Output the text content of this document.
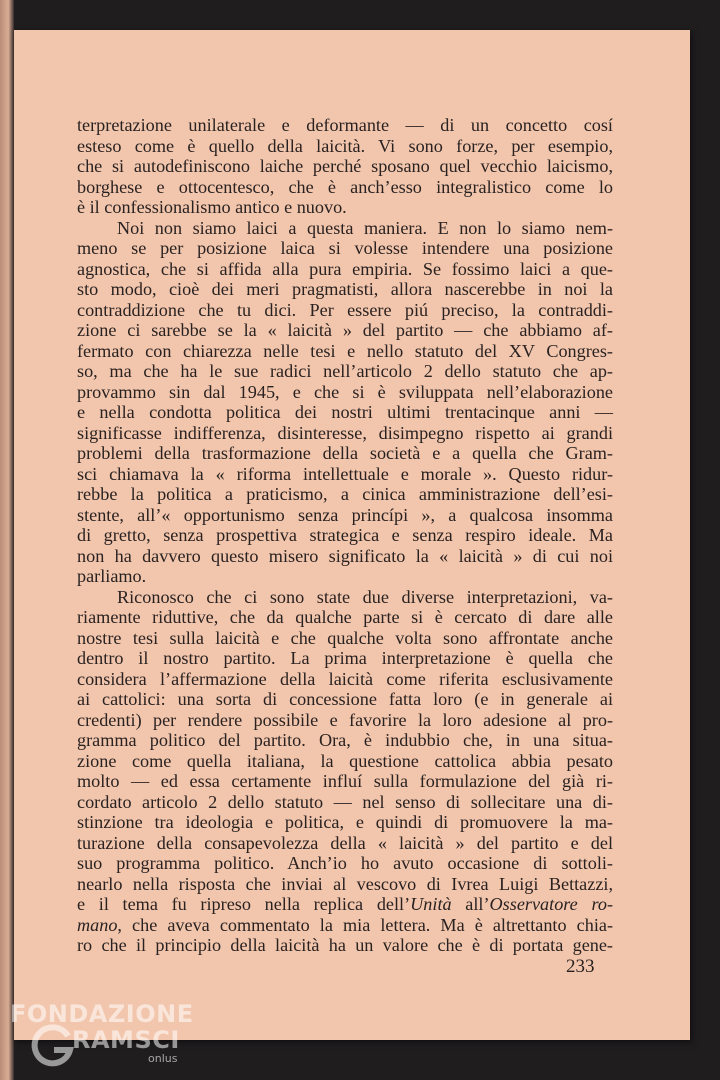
terpretazione unilaterale e deformante — di un concetto cosí
esteso come è quello della laicità. Vi sono forze, per esempio,
che si autodefiniscono laiche perché sposano quel vecchio laicismo,
borghese e ottocentesco, che è anch’esso integralistico come lo
è il confessionalismo antico e nuovo.
Noi non siamo laici a questa maniera. E non lo siamo nem-
meno se per posizione laica si volesse intendere una posizione
agnostica, che si affida alla pura empiria. Se fossimo laici a que-
sto modo, cioè dei meri pragmatisti, allora nascerebbe in noi la
contraddizione che tu dici. Per essere piú preciso, la contraddi-
zione ci sarebbe se la « laicità » del partito — che abbiamo af-
fermato con chiarezza nelle tesi e nello statuto del XV Congres-
so, ma che ha le sue radici nell’articolo 2 dello statuto che ap-
provammo sin dal 1945, e che si è sviluppata nell’elaborazione
e nella condotta politica dei nostri ultimi trentacinque anni —
significasse indifferenza, disinteresse, disimpegno rispetto ai grandi
problemi della trasformazione della società e a quella che Gram-
sci chiamava la « riforma intellettuale e morale ». Questo ridur-
rebbe la politica a praticismo, a cinica amministrazione dell’esi-
stente, all’« opportunismo senza princípi », a qualcosa insomma
di gretto, senza prospettiva strategica e senza respiro ideale. Ma
non ha davvero questo misero significato la « laicità » di cui noi
parliamo.
Riconosco che ci sono state due diverse interpretazioni, va-
riamente riduttive, che da qualche parte si è cercato di dare alle
nostre tesi sulla laicità e che qualche volta sono affrontate anche
dentro il nostro partito. La prima interpretazione è quella che
considera l’affermazione della laicità come riferita esclusivamente
ai cattolici: una sorta di concessione fatta loro (e in generale ai
credenti) per rendere possibile e favorire la loro adesione al pro-
gramma politico del partito. Ora, è indubbio che, in una situa-
zione come quella italiana, la questione cattolica abbia pesato
molto — ed essa certamente influí sulla formulazione del già ri-
cordato articolo 2 dello statuto — nel senso di sollecitare una di-
stinzione tra ideologia e politica, e quindi di promuovere la ma-
turazione della consapevolezza della « laicità » del partito e del
suo programma politico. Anch’io ho avuto occasione di sottoli-
nearlo nella risposta che inviai al vescovo di Ivrea Luigi Bettazzi,
e il tema fu ripreso nella replica dell’Unità all’Osservatore ro-
mano, che aveva commentato la mia lettera. Ma è altrettanto chia-
ro che il principio della laicità ha un valore che è di portata gene-
233
FONDAZIONE
RAMSCI
onlus
